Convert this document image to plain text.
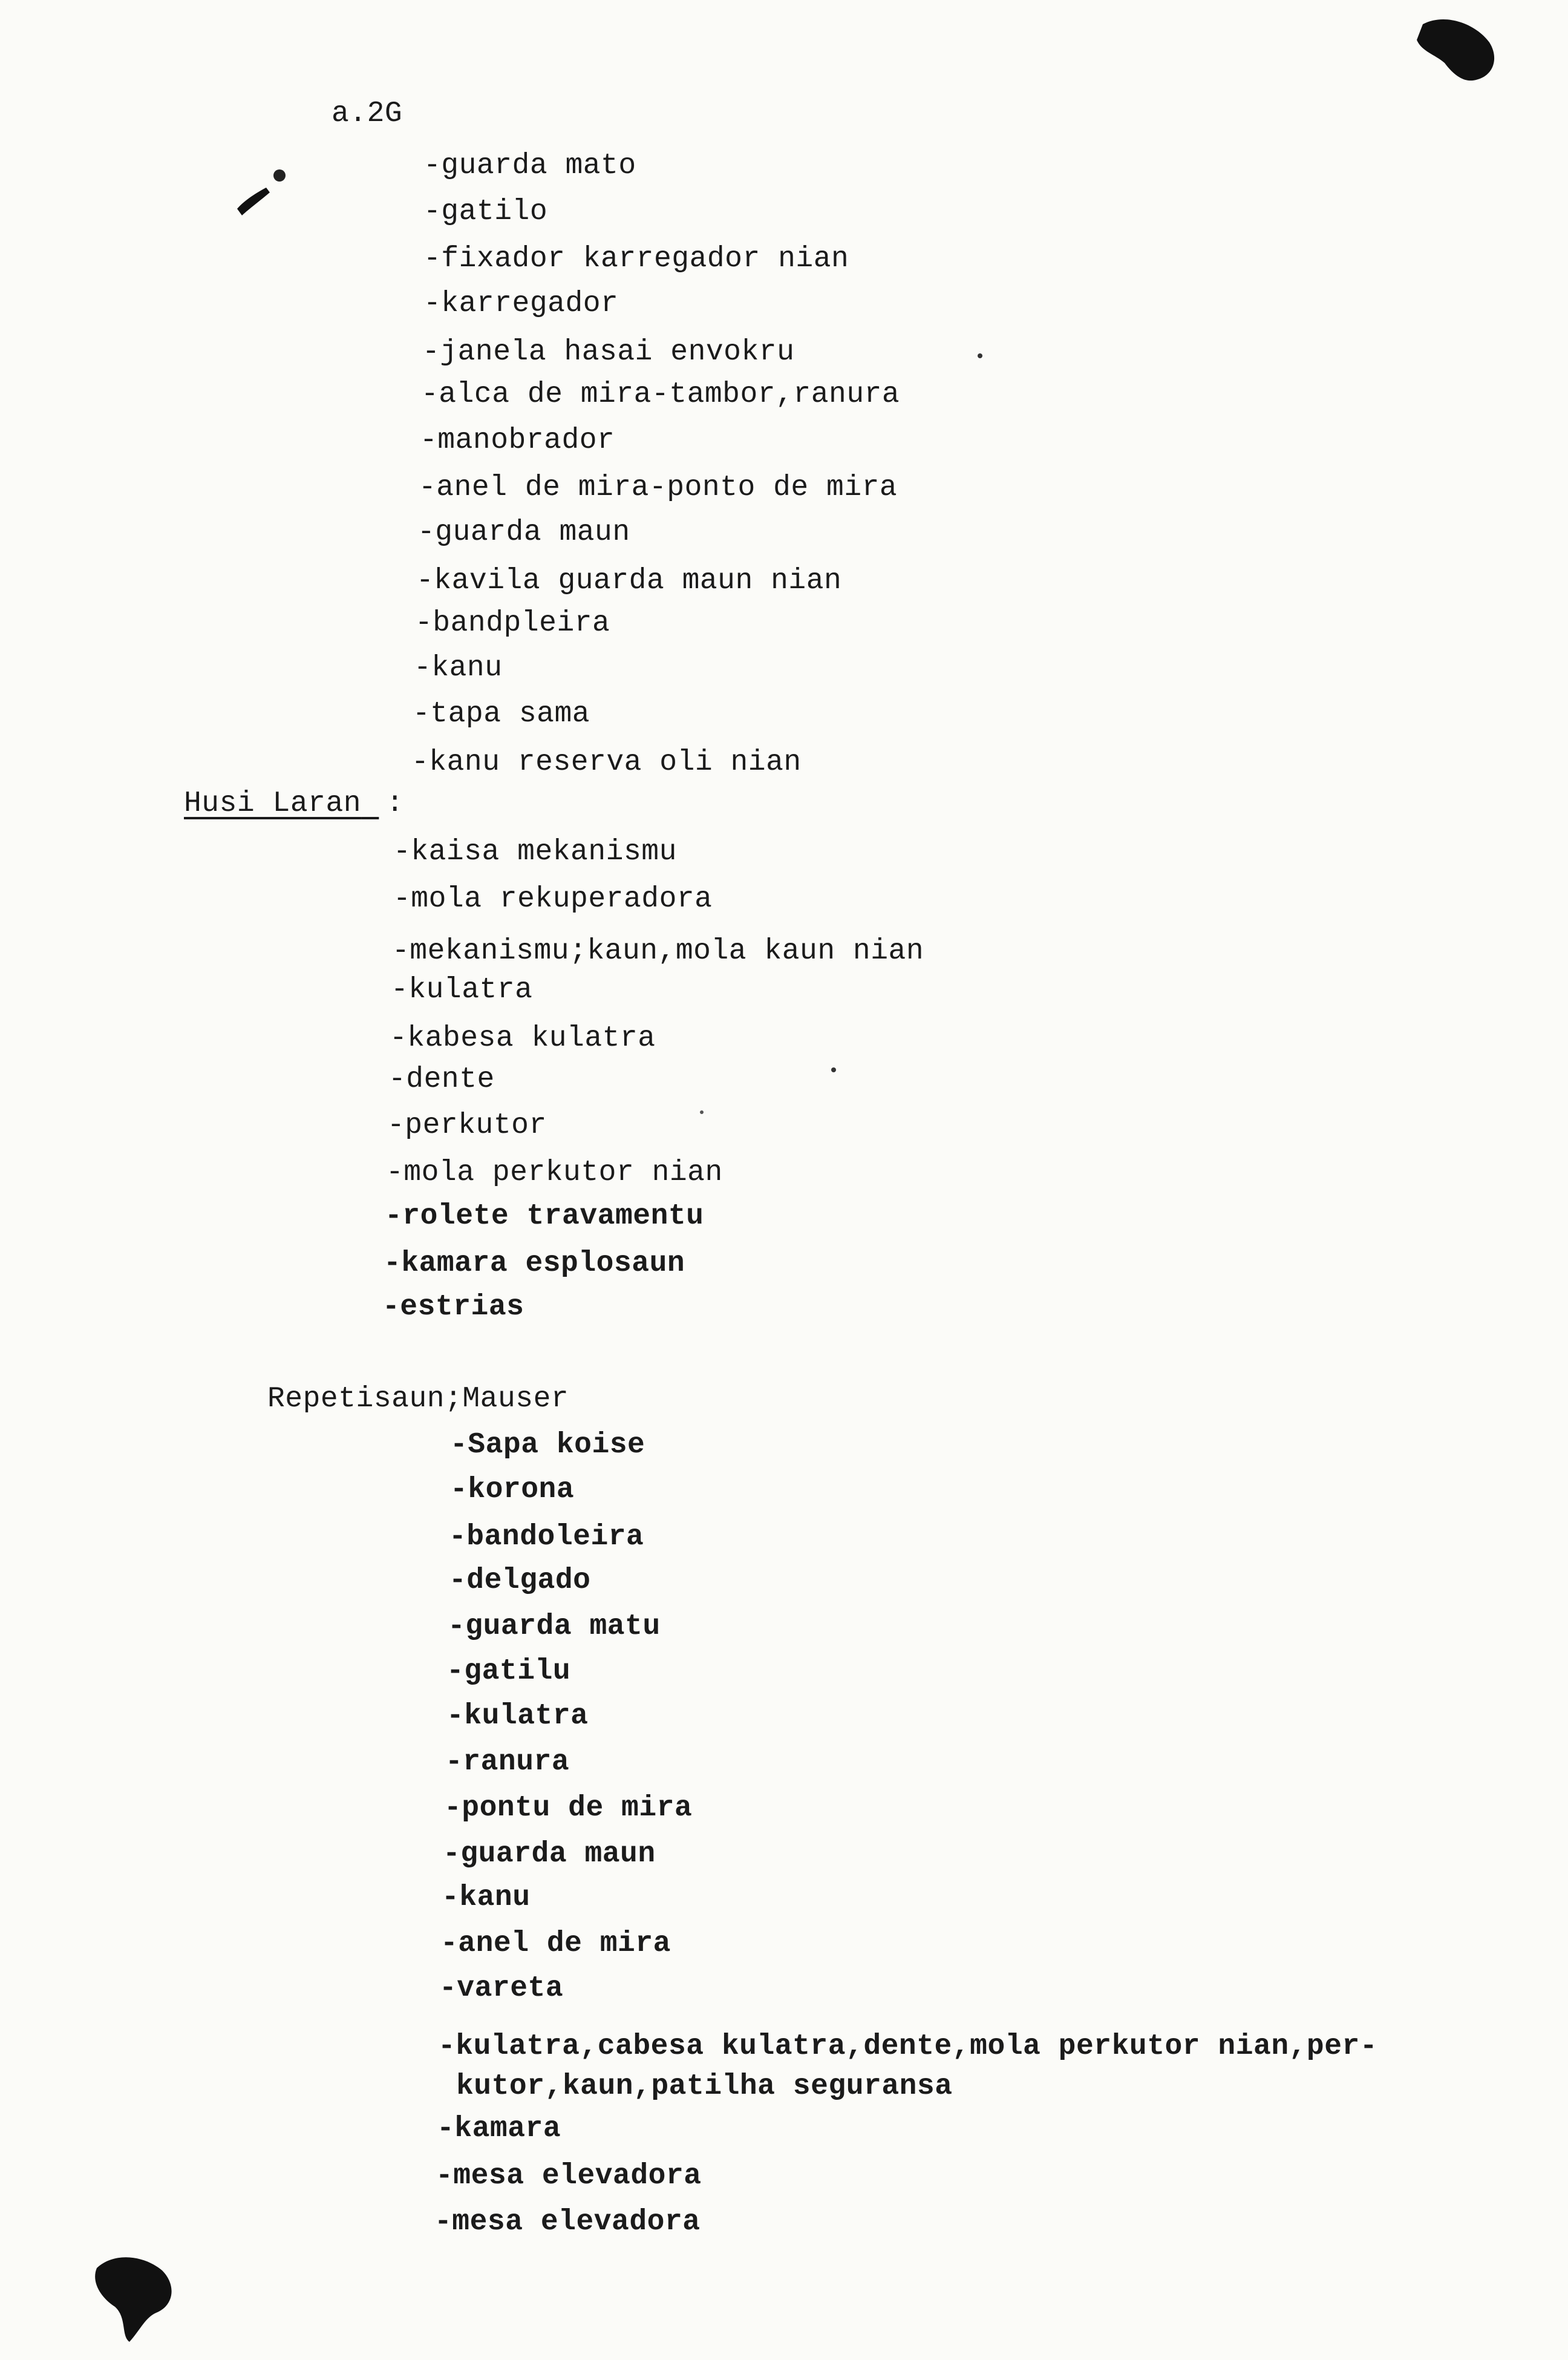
a.2G
-guarda mato
-gatilo
-fixador karregador nian
-karregador
-janela hasai envokru
-alca de mira-tambor,ranura
-manobrador
-anel de mira-ponto de mira
-guarda maun
-kavila guarda maun nian
-bandpleira
-kanu
-tapa sama
-kanu reserva oli nian
Husi Laran :
-kaisa mekanismu
-mola rekuperadora
-mekanismu;kaun,mola kaun nian
-kulatra
-kabesa kulatra
-dente
-perkutor
-mola perkutor nian
-rolete travamentu
-kamara esplosaun
-estrias
Repetisaun;Mauser
-Sapa koise
-korona
-bandoleira
-delgado
-guarda matu
-gatilu
-kulatra
-ranura
-pontu de mira
-guarda maun
-kanu
-anel de mira
-vareta
-kulatra,cabesa kulatra,dente,mola perkutor nian,per-
kutor,kaun,patilha seguransa
-kamara
-mesa elevadora
-mesa elevadora
